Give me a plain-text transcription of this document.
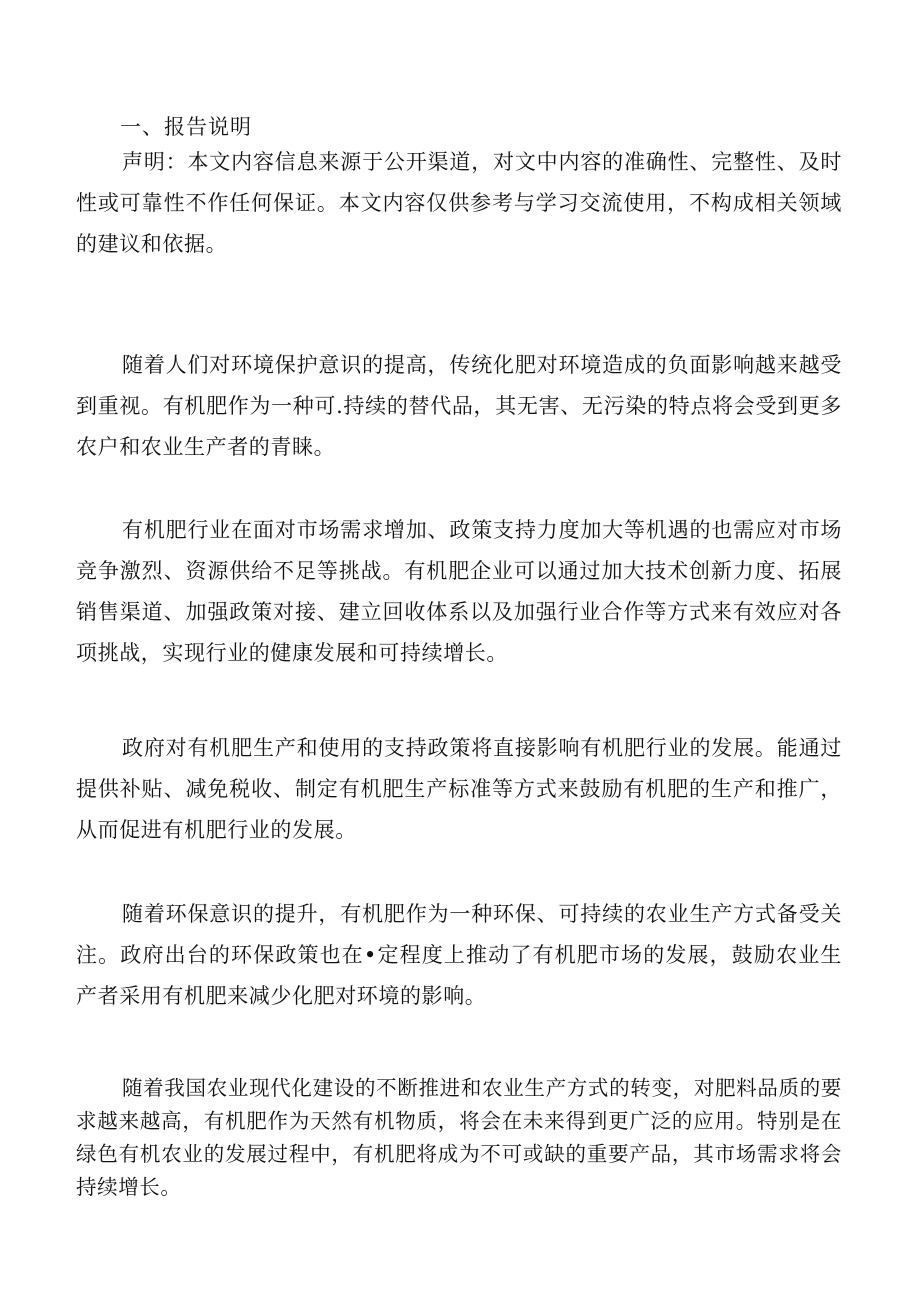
一、报告说明

声明：本文内容信息来源于公开渠道，对文中内容的准确性、完整性、及时性或可靠性不作任何保证。本文内容仅供参考与学习交流使用，不构成相关领域的建议和依据。

随着人们对环境保护意识的提高，传统化肥对环境造成的负面影响越来越受到重视。有机肥作为一种可.持续的替代品，其无害、无污染的特点将会受到更多农户和农业生产者的青睐。

有机肥行业在面对市场需求增加、政策支持力度加大等机遇的也需应对市场竞争激烈、资源供给不足等挑战。有机肥企业可以通过加大技术创新力度、拓展销售渠道、加强政策对接、建立回收体系以及加强行业合作等方式来有效应对各项挑战，实现行业的健康发展和可持续增长。

政府对有机肥生产和使用的支持政策将直接影响有机肥行业的发展。能通过提供补贴、减免税收、制定有机肥生产标准等方式来鼓励有机肥的生产和推广，从而促进有机肥行业的发展。

随着环保意识的提升，有机肥作为一种环保、可持续的农业生产方式备受关注。政府出台的环保政策也在•定程度上推动了有机肥市场的发展，鼓励农业生产者采用有机肥来减少化肥对环境的影响。

随着我国农业现代化建设的不断推进和农业生产方式的转变，对肥料品质的要求越来越高，有机肥作为天然有机物质，将会在未来得到更广泛的应用。特别是在绿色有机农业的发展过程中，有机肥将成为不可或缺的重要产品，其市场需求将会持续增长。
